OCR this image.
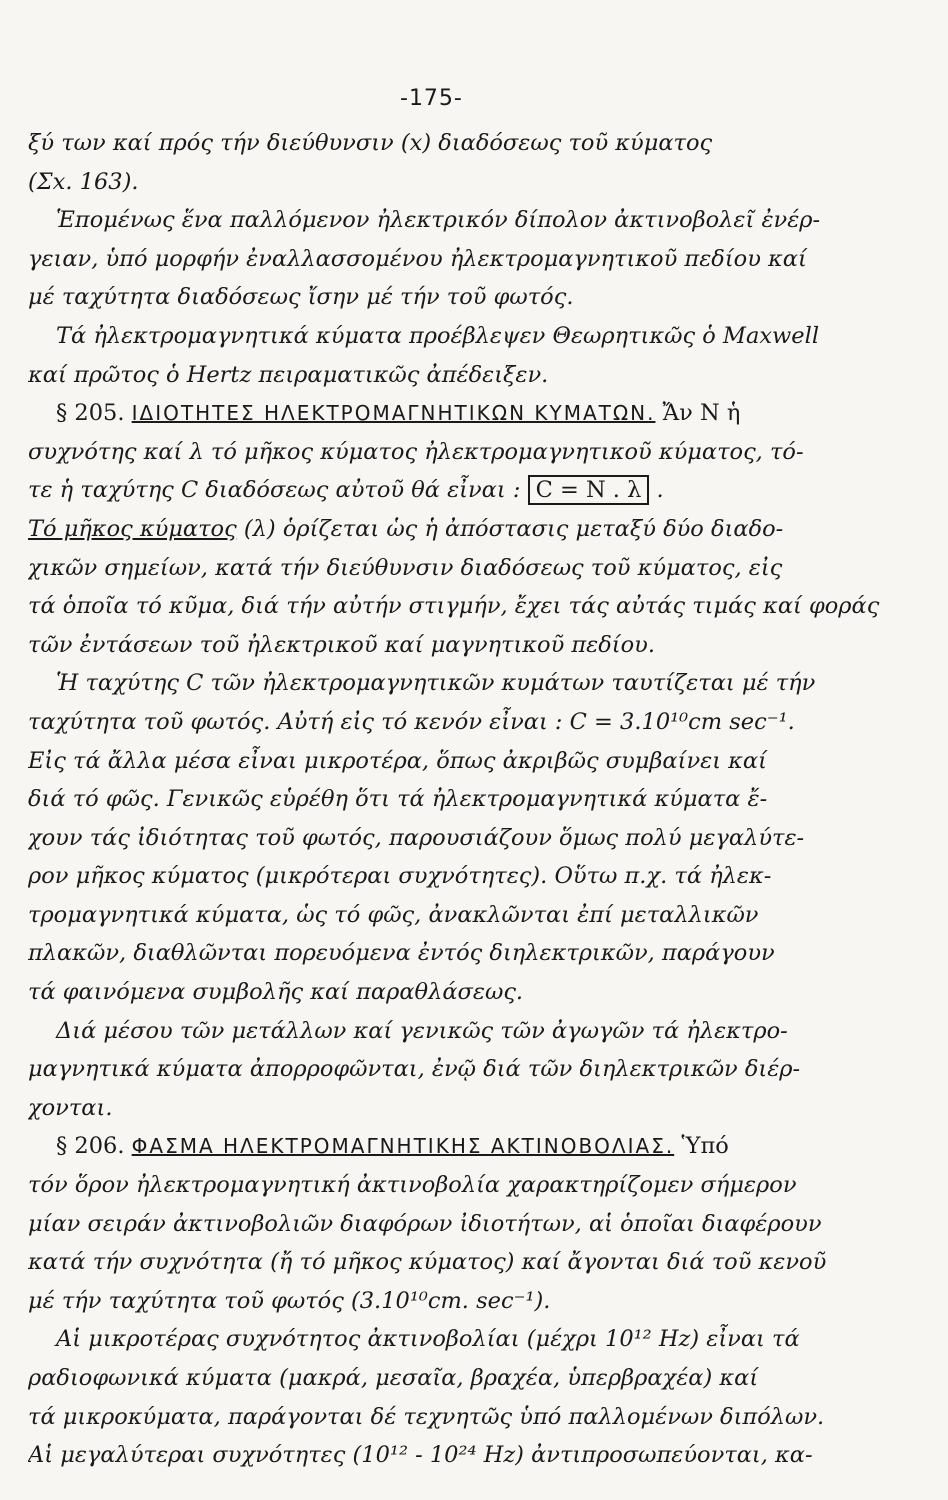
-175-
ξύ των καί πρός τήν διεύθυνσιν (x) διαδόσεως τοῦ κύματος
(Σx. 163).
Ἑπομένως ἕνα παλλόμενον ἠλεκτρικόν δίπολον ἀκτινοβολεῖ ἐνέρ-
γειαν, ὑπό μορφήν ἐναλλασσομένου ἠλεκτρομαγνητικοῦ πεδίου καί
μέ ταχύτητα διαδόσεως ἴσην μέ τήν τοῦ φωτός.
Τά ἠλεκτρομαγνητικά κύματα προέβλεψεν Θεωρητικῶς ὁ Maxwell
καί πρῶτος ὁ Hertz πειραματικῶς ἀπέδειξεν.
§ 205. ΙΔΙΟΤΗΤΕΣ ΗΛΕΚΤΡΟΜΑΓΝΗΤΙΚΩΝ ΚΥΜΑΤΩΝ. Ἄν N ἡ
συχνότης καί λ τό μῆκος κύματος ἠλεκτρομαγνητικοῦ κύματος, τό-
τε ἡ ταχύτης C διαδόσεως αὐτοῦ θά εἶναι : C = N . λ .
Τό μῆκος κύματος (λ) ὁρίζεται ὡς ἡ ἀπόστασις μεταξύ δύο διαδο-
χικῶν σημείων, κατά τήν διεύθυνσιν διαδόσεως τοῦ κύματος, εἰς
τά ὁποῖα τό κῦμα, διά τήν αὐτήν στιγμήν, ἔχει τάς αὐτάς τιμάς καί φοράς
τῶν ἐντάσεων τοῦ ἠλεκτρικοῦ καί μαγνητικοῦ πεδίου.
Ἡ ταχύτης C τῶν ἠλεκτρομαγνητικῶν κυμάτων ταυτίζεται μέ τήν
ταχύτητα τοῦ φωτός. Αὐτή εἰς τό κενόν εἶναι : C = 3.10¹⁰cm sec⁻¹.
Εἰς τά ἄλλα μέσα εἶναι μικροτέρα, ὅπως ἀκριβῶς συμβαίνει καί
διά τό φῶς. Γενικῶς εὑρέθη ὅτι τά ἠλεκτρομαγνητικά κύματα ἔ-
χουν τάς ἰδιότητας τοῦ φωτός, παρουσιάζουν ὅμως πολύ μεγαλύτε-
ρον μῆκος κύματος (μικρότεραι συχνότητες). Οὕτω π.χ. τά ἠλεκ-
τρομαγνητικά κύματα, ὡς τό φῶς, ἀνακλῶνται ἐπί μεταλλικῶν
πλακῶν, διαθλῶνται πορευόμενα ἐντός διηλεκτρικῶν, παράγουν
τά φαινόμενα συμβολῆς καί παραθλάσεως.
Διά μέσου τῶν μετάλλων καί γενικῶς τῶν ἀγωγῶν τά ἠλεκτρο-
μαγνητικά κύματα ἀπορροφῶνται, ἐνῷ διά τῶν διηλεκτρικῶν διέρ-
χονται.
§ 206. ΦΑΣΜΑ ΗΛΕΚΤΡΟΜΑΓΝΗΤΙΚΗΣ ΑΚΤΙΝΟΒΟΛΙΑΣ. Ὑπό
τόν ὅρον ἠλεκτρομαγνητική ἀκτινοβολία χαρακτηρίζομεν σήμερον
μίαν σειράν ἀκτινοβολιῶν διαφόρων ἰδιοτήτων, αἱ ὁποῖαι διαφέρουν
κατά τήν συχνότητα (ἤ τό μῆκος κύματος) καί ἄγονται διά τοῦ κενοῦ
μέ τήν ταχύτητα τοῦ φωτός (3.10¹⁰cm. sec⁻¹).
Αἱ μικροτέρας συχνότητος ἀκτινοβολίαι (μέχρι 10¹² Hz) εἶναι τά
ραδιοφωνικά κύματα (μακρά, μεσαῖα, βραχέα, ὑπερβραχέα) καί
τά μικροκύματα, παράγονται δέ τεχνητῶς ὑπό παλλομένων διπόλων.
Αἱ μεγαλύτεραι συχνότητες (10¹² - 10²⁴ Hz) ἀντιπροσωπεύονται, κα-
